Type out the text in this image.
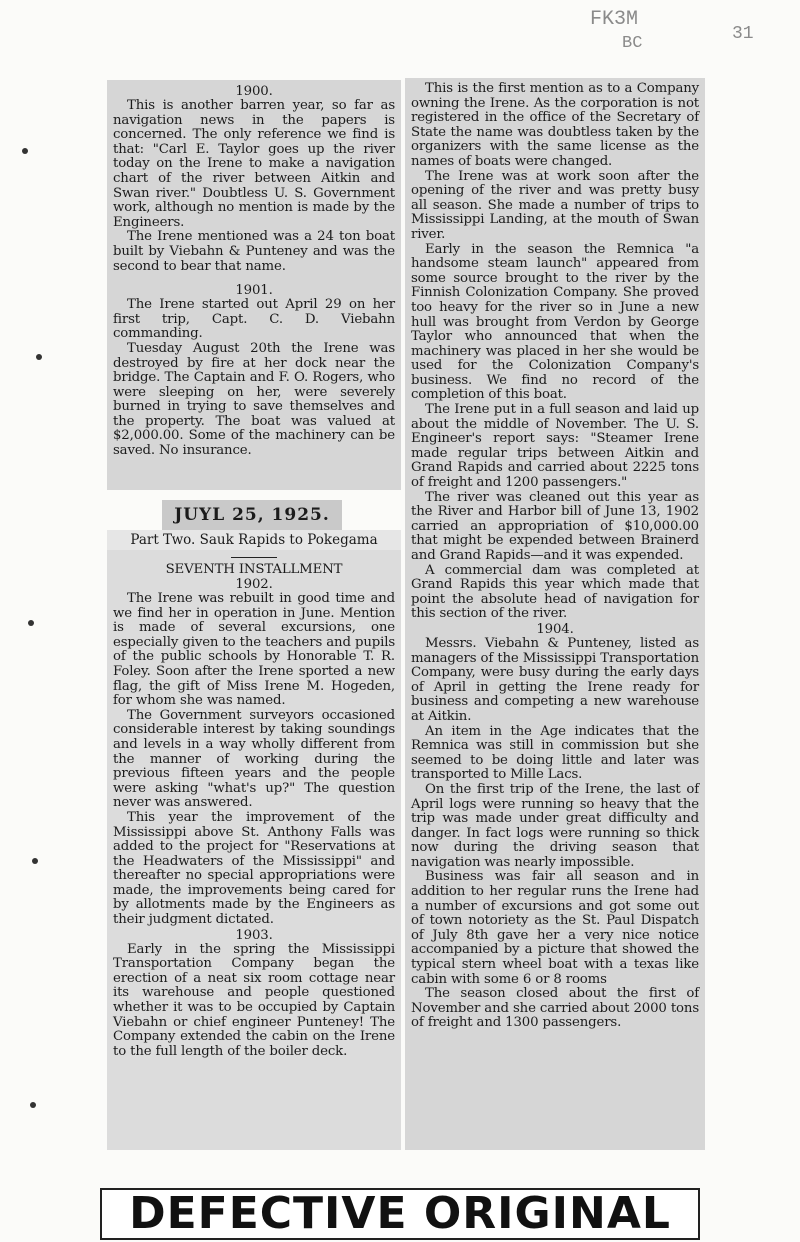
FK3M
BC	31
1900.

This is another barren year, so far as navigation news in the papers is concerned. The only reference we find is that: "Carl E. Taylor goes up the river today on the Irene to make a navigation chart of the river between Aitkin and Swan river." Doubtless U. S. Government work, although no mention is made by the Engineers.

The Irene mentioned was a 24 ton boat built by Viebahn & Punteney and was the second to bear that name.

1901.

The Irene started out April 29 on her first trip, Capt. C. D. Viebahn commanding.

Tuesday August 20th the Irene was destroyed by fire at her dock near the bridge. The Captain and F. O. Rogers, who were sleeping on her, were severely burned in trying to save themselves and the property. The boat was valued at $2,000.00. Some of the machinery can be saved. No insurance.

JUYL 25, 1925.
Part Two. Sauk Rapids to Pokegama
SEVENTH INSTALLMENT
1902.

The Irene was rebuilt in good time and we find her in operation in June. Mention is made of several excursions, one especially given to the teachers and pupils of the public schools by Honorable T. R. Foley. Soon after the Irene sported a new flag, the gift of Miss Irene M. Hogeden, for whom she was named.

The Government surveyors occasioned considerable interest by taking soundings and levels in a way wholly different from the manner of working during the previous fifteen years and the people were asking "what's up?" The question never was answered.

This year the improvement of the Mississippi above St. Anthony Falls was added to the project for "Reservations at the Headwaters of the Mississippi" and thereafter no special appropriations were made, the improvements being cared for by allotments made by the Engineers as their judgment dictated.

1903.

Early in the spring the Mississippi Transportation Company began the erection of a neat six room cottage near its warehouse and people questioned whether it was to be occupied by Captain Viebahn or chief engineer Punteney! The Company extended the cabin on the Irene to the full length of the boiler deck.

This is the first mention as to a Company owning the Irene. As the corporation is not registered in the office of the Secretary of State the name was doubtless taken by the organizers with the same license as the names of boats were changed.

The Irene was at work soon after the opening of the river and was pretty busy all season. She made a number of trips to Mississippi Landing, at the mouth of Swan river.

Early in the season the Remnica "a handsome steam launch" appeared from some source brought to the river by the Finnish Colonization Company. She proved too heavy for the river so in June a new hull was brought from Verdon by George Taylor who announced that when the machinery was placed in her she would be used for the Colonization Company's business. We find no record of the completion of this boat.

The Irene put in a full season and laid up about the middle of November. The U. S. Engineer's report says: "Steamer Irene made regular trips between Aitkin and Grand Rapids and carried about 2225 tons of freight and 1200 passengers."

The river was cleaned out this year as the River and Harbor bill of June 13, 1902 carried an appropriation of $10,000.00 that might be expended between Brainerd and Grand Rapids—and it was expended.

A commercial dam was completed at Grand Rapids this year which made that point the absolute head of navigation for this section of the river.

1904.

Messrs. Viebahn & Punteney, listed as managers of the Mississippi Transportation Company, were busy during the early days of April in getting the Irene ready for business and competing a new warehouse at Aitkin.

An item in the Age indicates that the Remnica was still in commission but she seemed to be doing little and later was transported to Mille Lacs.

On the first trip of the Irene, the last of April logs were running so heavy that the trip was made under great difficulty and danger. In fact logs were running so thick now during the driving season that navigation was nearly impossible.

Business was fair all season and in addition to her regular runs the Irene had a number of excursions and got some out of town notoriety as the St. Paul Dispatch of July 8th gave her a very nice notice accompanied by a picture that showed the typical stern wheel boat with a texas like cabin with some 6 or 8 rooms

The season closed about the first of November and she carried about 2000 tons of freight and 1300 passengers.

DEFECTIVE ORIGINAL
